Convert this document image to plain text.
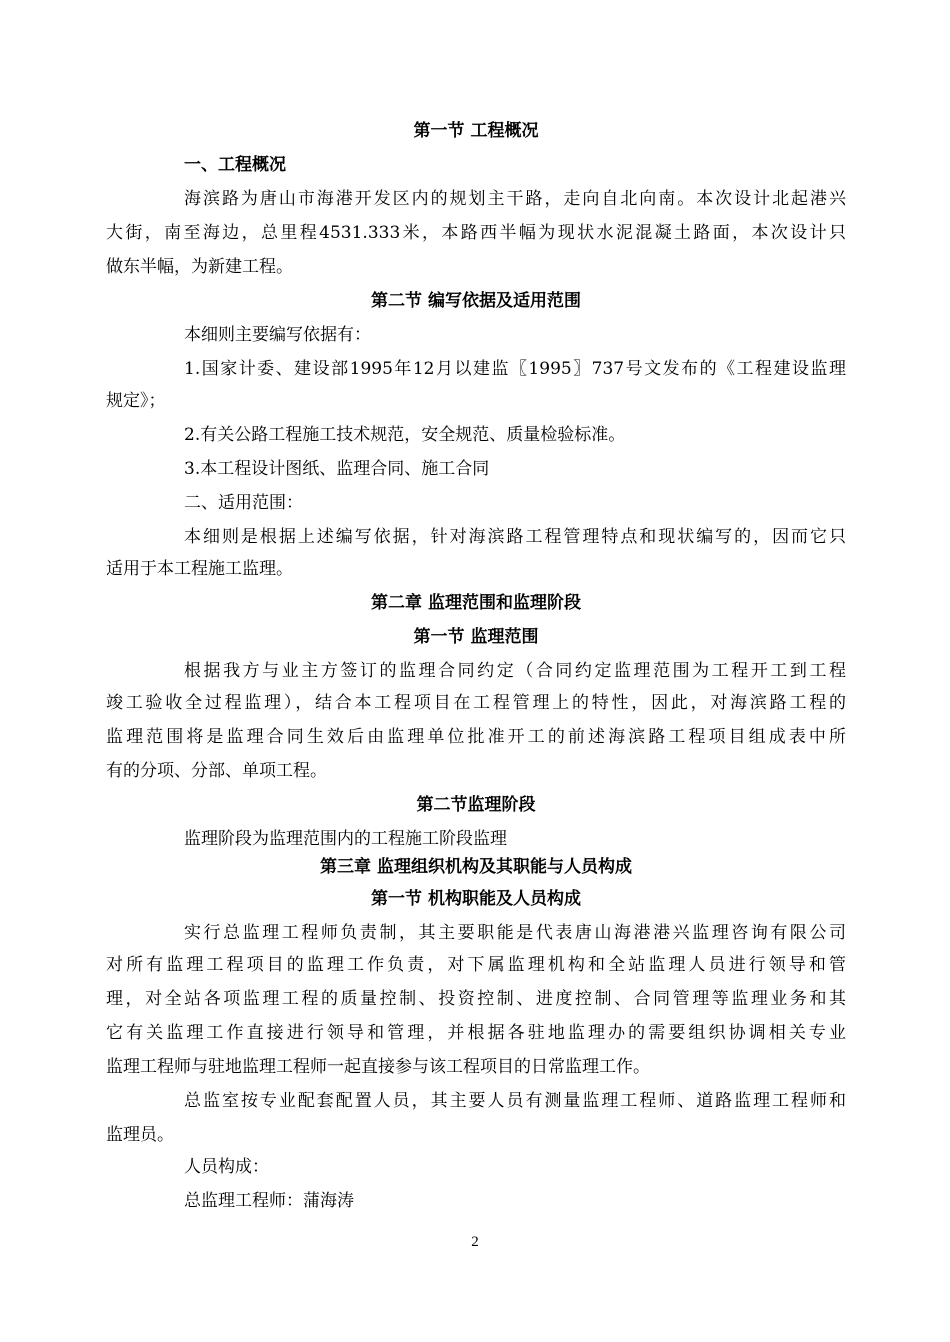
第一节 工程概况
一、工程概况
海滨路为唐山市海港开发区内的规划主干路，走向自北向南。本次设计北起港兴
大街，南至海边，总里程4531.333米，本路西半幅为现状水泥混凝土路面，本次设计只
做东半幅，为新建工程。
第二节 编写依据及适用范围
本细则主要编写依据有：
1.国家计委、建设部1995年12月以建监〖1995〗737号文发布的《工程建设监理
规定》；
2.有关公路工程施工技术规范，安全规范、质量检验标准。
3.本工程设计图纸、监理合同、施工合同
二、适用范围：
本细则是根据上述编写依据，针对海滨路工程管理特点和现状编写的，因而它只
适用于本工程施工监理。
第二章 监理范围和监理阶段
第一节 监理范围
根据我方与业主方签订的监理合同约定（合同约定监理范围为工程开工到工程
竣工验收全过程监理），结合本工程项目在工程管理上的特性，因此，对海滨路工程的
监理范围将是监理合同生效后由监理单位批准开工的前述海滨路工程项目组成表中所
有的分项、分部、单项工程。
第二节监理阶段
监理阶段为监理范围内的工程施工阶段监理
第三章 监理组织机构及其职能与人员构成
第一节 机构职能及人员构成
实行总监理工程师负责制，其主要职能是代表唐山海港港兴监理咨询有限公司
对所有监理工程项目的监理工作负责，对下属监理机构和全站监理人员进行领导和管
理，对全站各项监理工程的质量控制、投资控制、进度控制、合同管理等监理业务和其
它有关监理工作直接进行领导和管理，并根据各驻地监理办的需要组织协调相关专业
监理工程师与驻地监理工程师一起直接参与该工程项目的日常监理工作。
总监室按专业配套配置人员，其主要人员有测量监理工程师、道路监理工程师和
监理员。
人员构成：
总监理工程师：蒲海涛
2
